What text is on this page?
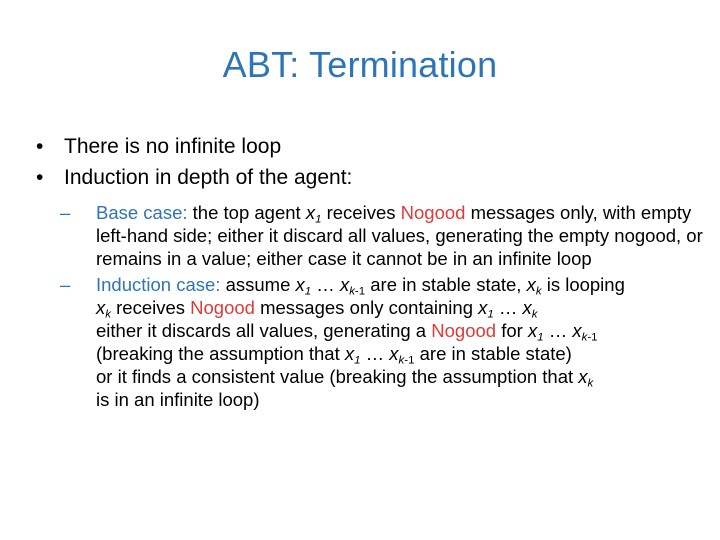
ABT: Termination
• There is no infinite loop
• Induction in depth of the agent:
– Base case: the top agent $x_1$ receives Nogood messages only, with empty left-hand side; either it discard all values, generating the empty nogood, or remains in a value; either case it cannot be in an infinite loop
– Induction case: assume $x_1$ … $x_{k-1}$ are in stable state, $x_k$ is looping
$x_k$ receives Nogood messages only containing $x_1$ … $x_k$
either it discards all values, generating a Nogood for $x_1$ … $x_{k-1}$
(breaking the assumption that $x_1$ … $x_{k-1}$ are in stable state)
or it finds a consistent value (breaking the assumption that $x_k$
is in an infinite loop)
